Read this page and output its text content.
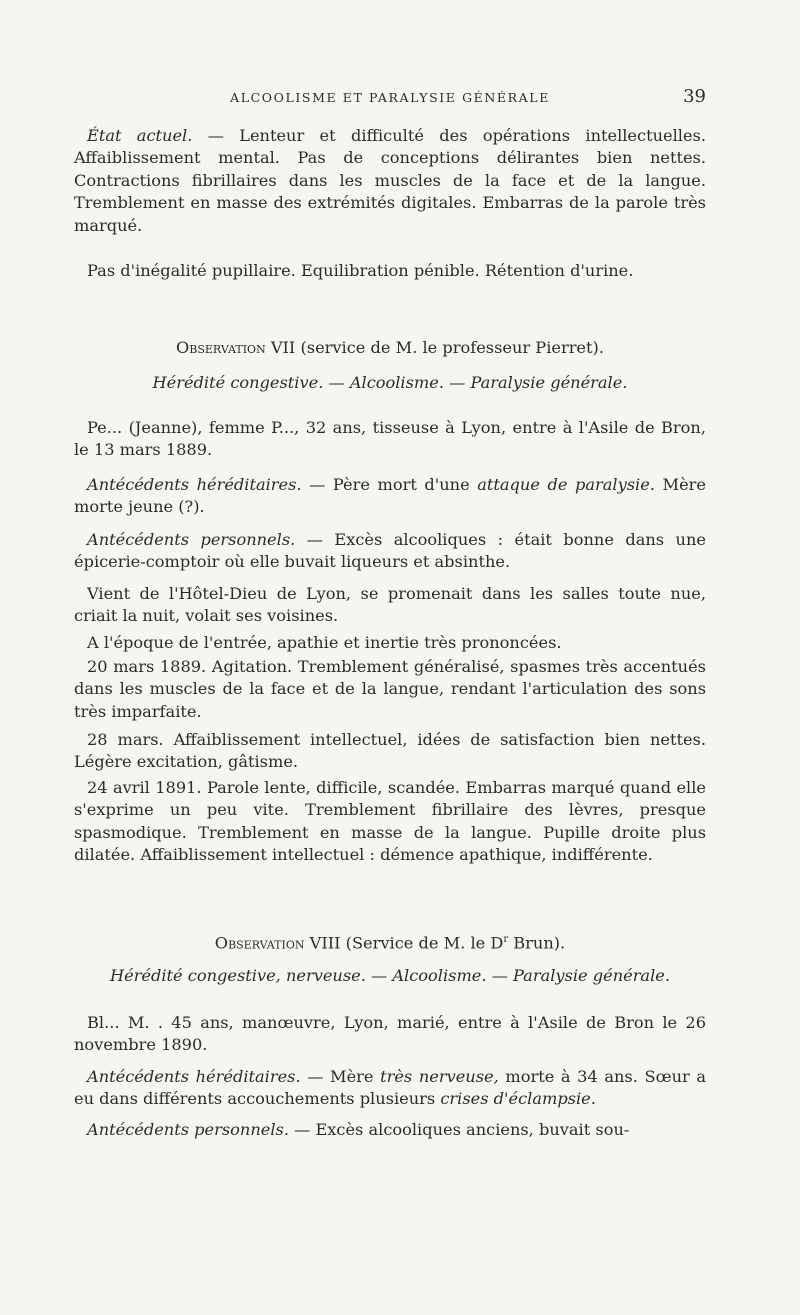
ALCOOLISME ET PARALYSIE GÉNÉRALE	39

État actuel. — Lenteur et difficulté des opérations intellectuelles. Affaiblissement mental. Pas de conceptions délirantes bien nettes. Contractions fibrillaires dans les muscles de la face et de la langue. Tremblement en masse des extrémités digitales. Embarras de la parole très marqué.

Pas d'inégalité pupillaire. Equilibration pénible. Rétention d'urine.

Observation VII (service de M. le professeur Pierret).

Hérédité congestive. — Alcoolisme. — Paralysie générale.

Pe... (Jeanne), femme P..., 32 ans, tisseuse à Lyon, entre à l'Asile de Bron, le 13 mars 1889.

Antécédents héréditaires. — Père mort d'une attaque de paralysie. Mère morte jeune (?).

Antécédents personnels. — Excès alcooliques : était bonne dans une épicerie-comptoir où elle buvait liqueurs et absinthe.

Vient de l'Hôtel-Dieu de Lyon, se promenait dans les salles toute nue, criait la nuit, volait ses voisines.

A l'époque de l'entrée, apathie et inertie très prononcées.

20 mars 1889. Agitation. Tremblement généralisé, spasmes très accentués dans les muscles de la face et de la langue, rendant l'articulation des sons très imparfaite.

28 mars. Affaiblissement intellectuel, idées de satisfaction bien nettes. Légère excitation, gâtisme.

24 avril 1891. Parole lente, difficile, scandée. Embarras marqué quand elle s'exprime un peu vite. Tremblement fibrillaire des lèvres, presque spasmodique. Tremblement en masse de la langue. Pupille droite plus dilatée. Affaiblissement intellectuel : démence apathique, indifférente.

Observation VIII (Service de M. le $D^r$ Brun).

Hérédité congestive, nerveuse. — Alcoolisme. — Paralysie générale.

Bl... M. . 45 ans, manœuvre, Lyon, marié, entre à l'Asile de Bron le 26 novembre 1890.

Antécédents héréditaires. — Mère très nerveuse, morte à 34 ans. Sœur a eu dans différents accouchements plusieurs crises d'éclampsie.

Antécédents personnels. — Excès alcooliques anciens, buvait sou-
